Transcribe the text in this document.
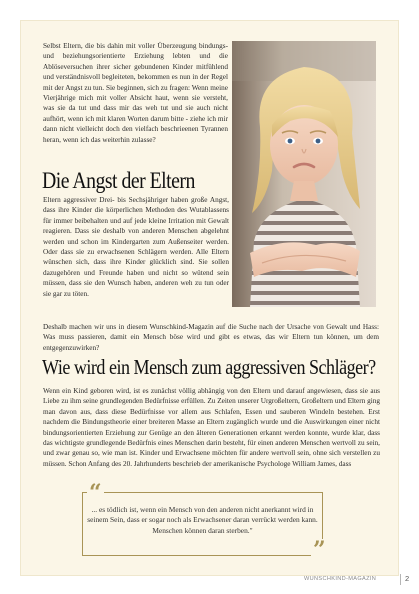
Selbst Eltern, die bis dahin mit voller Überzeugung bindungs- und beziehungsorientierte Erziehung lebten und die Ablöseversuchen ihrer sicher gebundenen Kinder mitfühlend und verständnisvoll begleiteten, bekommen es nun in der Regel mit der Angst zu tun. Sie beginnen, sich zu fragen: Wenn meine Vierjährige mich mit voller Absicht haut, wenn sie versteht, was sie da tut und dass mir das weh tut und sie auch nicht aufhört, wenn ich mit klaren Worten darum bitte - ziehe ich mir dann nicht vielleicht doch den vielfach beschrieenen Tyrannen heran, wenn ich das weiterhin zulasse?

Die Angst der Eltern

Eltern aggressiver Drei- bis Sechsjähriger haben große Angst, dass ihre Kinder die körperlichen Methoden des Wutablassens für immer beibehalten und auf jede kleine Irritation mit Gewalt reagieren. Dass sie deshalb von anderen Menschen abgelehnt werden und schon im Kindergarten zum Außenseiter werden. Oder dass sie zu erwachsenen Schlägern werden. Alle Eltern wünschen sich, dass ihre Kinder glücklich sind. Sie sollen dazugehören und Freunde haben und nicht so wütend sein müssen, dass sie den Wunsch haben, anderen weh zu tun oder sie gar zu töten.

Deshalb machen wir uns in diesem Wunschkind-Magazin auf die Suche nach der Ursache von Gewalt und Hass: Was muss passieren, damit ein Mensch böse wird und gibt es etwas, das wir Eltern tun können, um dem entgegenzuwirken?

Wie wird ein Mensch zum aggressiven Schläger?

Wenn ein Kind geboren wird, ist es zunächst völlig abhängig von den Eltern und darauf angewiesen, dass sie aus Liebe zu ihm seine grundlegenden Bedürfnisse erfüllen. Zu Zeiten unserer Urgroßeltern, Großeltern und Eltern ging man davon aus, dass diese Bedürfnisse vor allem aus Schlafen, Essen und sauberen Windeln bestehen. Erst nachdem die Bindungstheorie einer breiteren Masse an Eltern zugänglich wurde und die Auswirkungen einer nicht bindungsorientierten Erziehung zur Genüge an den älteren Generationen erkannt werden konnte, wurde klar, dass das wichtigste grundlegende Bedürfnis eines Menschen darin besteht, für einen anderen Menschen wertvoll zu sein, und zwar genau so, wie man ist. Kinder und Erwachsene möchten für andere wertvoll sein, ohne sich verstellen zu müssen. Schon Anfang des 20. Jahrhunderts beschrieb der amerikanische Psychologe William James, dass

... es tödlich ist, wenn ein Mensch von den anderen nicht anerkannt wird in seinem Sein, dass er sogar noch als Erwachsener daran verrückt werden kann. Menschen können daran sterben."

“
”
WUNSCHKIND-MAGAZIN	2
